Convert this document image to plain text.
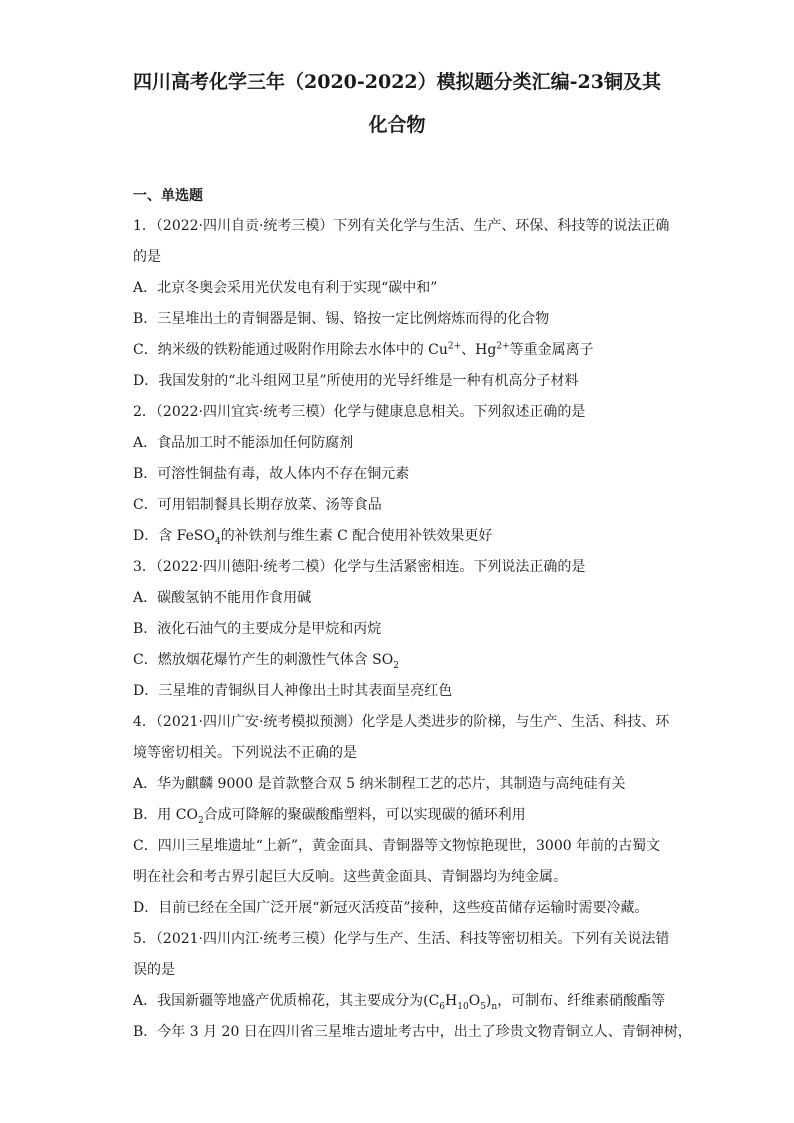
四川高考化学三年（2020-2022）模拟题分类汇编-23铜及其
化合物
一、单选题
1．（2022·四川自贡·统考三模）下列有关化学与生活、生产、环保、科技等的说法正确
的是
A．北京冬奥会采用光伏发电有利于实现“碳中和”
B．三星堆出土的青铜器是铜、锡、铬按一定比例熔炼而得的化合物
C．纳米级的铁粉能通过吸附作用除去水体中的 $Cu^{2+}$、$Hg^{2+}$等重金属离子
D．我国发射的“北斗组网卫星”所使用的光导纤维是一种有机高分子材料
2．（2022·四川宜宾·统考三模）化学与健康息息相关。下列叙述正确的是
A．食品加工时不能添加任何防腐剂
B．可溶性铜盐有毒，故人体内不存在铜元素
C．可用铝制餐具长期存放菜、汤等食品
D．含 FeSO$_4$的补铁剂与维生素 C 配合使用补铁效果更好
3．（2022·四川德阳·统考二模）化学与生活紧密相连。下列说法正确的是
A．碳酸氢钠不能用作食用碱
B．液化石油气的主要成分是甲烷和丙烷
C．燃放烟花爆竹产生的刺激性气体含 $SO_2$
D．三星堆的青铜纵目人神像出土时其表面呈亮红色
4．（2021·四川广安·统考模拟预测）化学是人类进步的阶梯，与生产、生活、科技、环
境等密切相关。下列说法不正确的是
A．华为麒麟 9000 是首款整合双 5 纳米制程工艺的芯片，其制造与高纯硅有关
B．用 $CO_2$合成可降解的聚碳酸酯塑料，可以实现碳的循环利用
C．四川三星堆遗址“上新”，黄金面具、青铜器等文物惊艳现世，3000 年前的古蜀文
明在社会和考古界引起巨大反响。这些黄金面具、青铜器均为纯金属。
D．目前已经在全国广泛开展“新冠灭活疫苗”接种，这些疫苗储存运输时需要冷藏。
5．（2021·四川内江·统考三模）化学与生产、生活、科技等密切相关。下列有关说法错
误的是
A．我国新疆等地盛产优质棉花，其主要成分为$(C_6H_{10}O_5)_n$，可制布、纤维素硝酸酯等
B．今年 3 月 20 日在四川省三星堆古遗址考古中，出土了珍贵文物青铜立人、青铜神树，
